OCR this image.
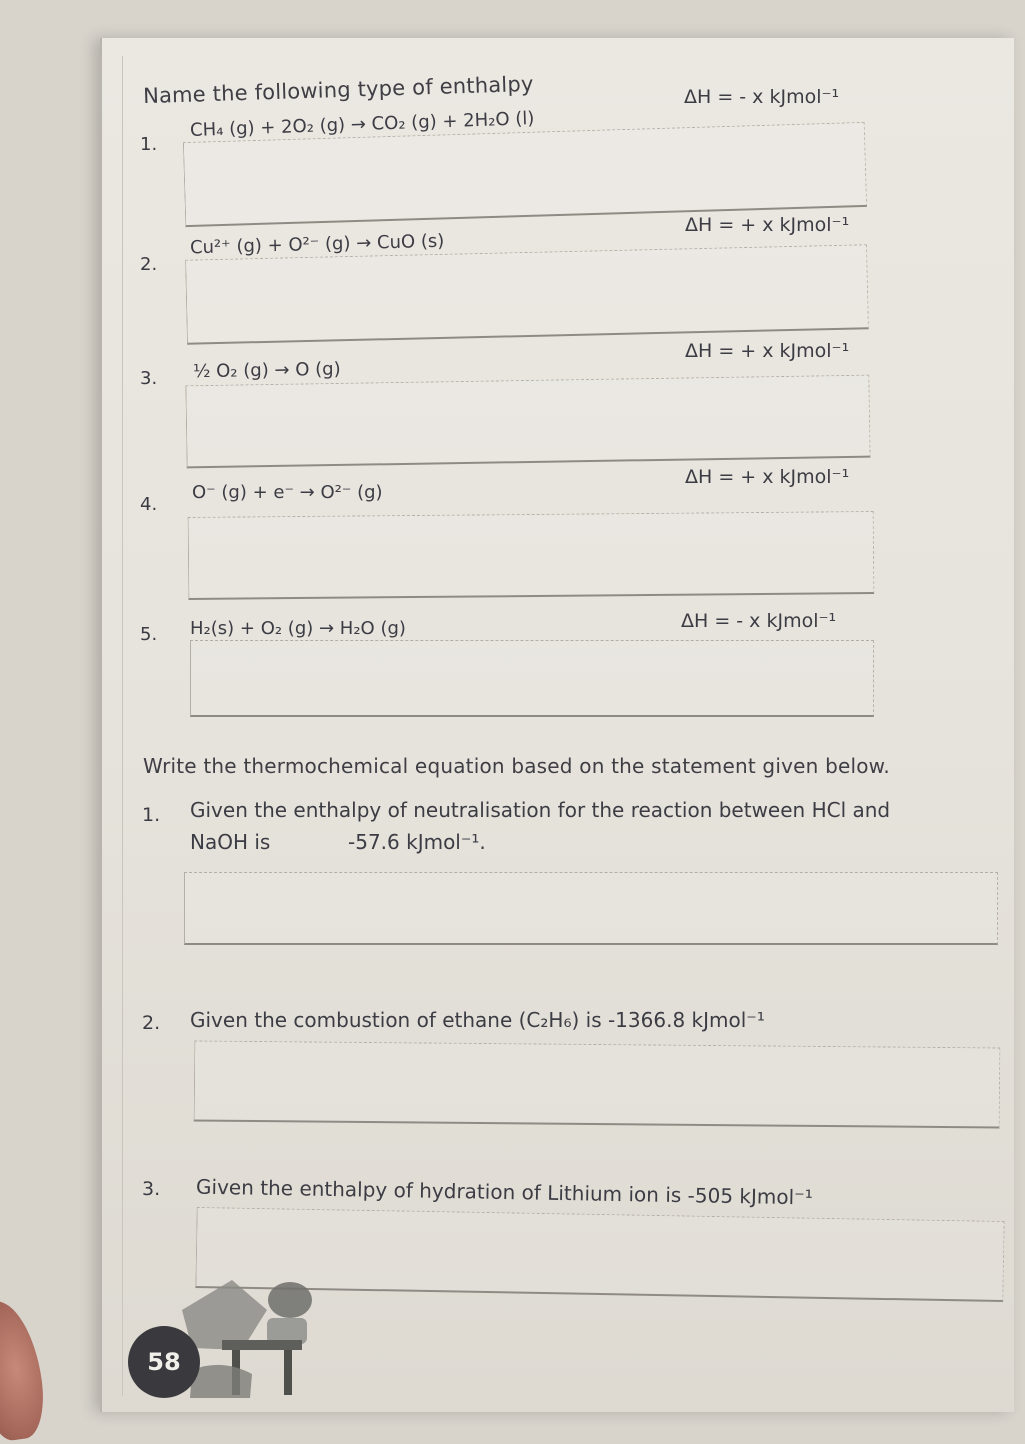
Name the following type of enthalpy
1.
CH₄ (g) + 2O₂ (g) → CO₂ (g) + 2H₂O (l)
ΔH = - x kJmol⁻¹
2.
Cu²⁺ (g) + O²⁻ (g) → CuO (s)
ΔH = + x kJmol⁻¹
3. ½ O₂ (g) → O (g)
ΔH = + x kJmol⁻¹
4.
O⁻ (g) + e⁻ → O²⁻ (g)
ΔH = + x kJmol⁻¹
5. H₂(s) + O₂ (g) → H₂O (g)	ΔH = - x kJmol⁻¹
Write the thermochemical equation based on the statement given below.
1. Given the enthalpy of neutralisation for the reaction between HCl and
NaOH is	-57.6 kJmol⁻¹.
2. Given the combustion of ethane (C₂H₆) is -1366.8 kJmol⁻¹
3. Given the enthalpy of hydration of Lithium ion is -505 kJmol⁻¹
58
